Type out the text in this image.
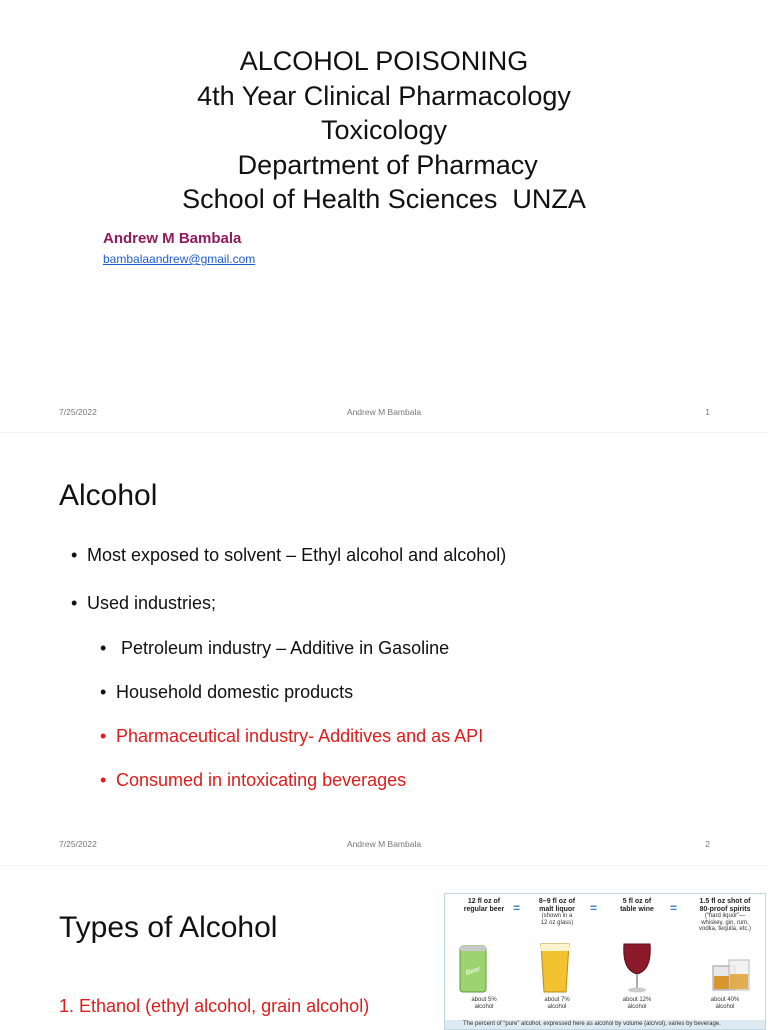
ALCOHOL POISONING
4th Year Clinical Pharmacology
Toxicology
Department of Pharmacy
School of Health Sciences  UNZA
Andrew M Bambala
bambalaandrew@gmail.com
7/25/2022	Andrew M Bambala	1
Alcohol
• Most exposed to solvent – Ethyl alcohol and alcohol)
• Used industries;
• Petroleum industry – Additive in Gasoline
• Household domestic products
• Pharmaceutical industry- Additives and as API
• Consumed in intoxicating beverages
7/25/2022	Andrew M Bambala	2
Types of Alcohol
1. Ethanol (ethyl alcohol, grain alcohol)
12 fl oz of
regular beer
about 5%
alcohol
=	8–9 fl oz of
malt liquor
(shown in a
12 oz glass)
about 7%
alcohol
=	5 fl oz of
table wine
about 12%
alcohol
=	1.5 fl oz shot of
80-proof spirits
(“hard liquor”—
whiskey, gin, rum,
vodka, tequila, etc.)
about 40%
alcohol
Beer
The percent of “pure” alcohol, expressed here as alcohol by volume (alc/vol), varies by beverage.
